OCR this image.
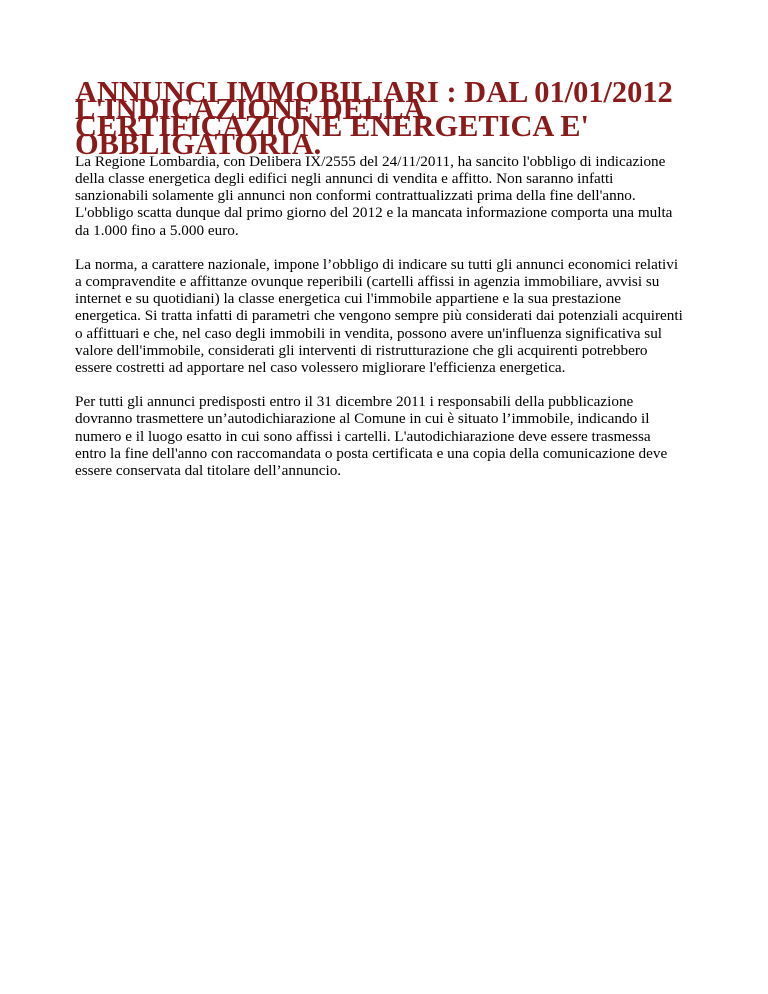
ANNUNCI IMMOBILIARI : DAL 01/01/2012 L'INDICAZIONE DELLA
CERTIFICAZIONE ENERGETICA E' OBBLIGATORIA.

La Regione Lombardia, con Delibera IX/2555 del 24/11/2011, ha sancito l'obbligo di indicazione
della classe energetica degli edifici negli annunci di vendita e affitto. Non saranno infatti
sanzionabili solamente gli annunci non conformi contrattualizzati prima della fine dell'anno.
L'obbligo scatta dunque dal primo giorno del 2012 e la mancata informazione comporta una multa
da 1.000 fino a 5.000 euro.

La norma, a carattere nazionale, impone l’obbligo di indicare su tutti gli annunci economici relativi
a compravendite e affittanze ovunque reperibili (cartelli affissi in agenzia immobiliare, avvisi su
internet e su quotidiani) la classe energetica cui l'immobile appartiene e la sua prestazione
energetica. Si tratta infatti di parametri che vengono sempre più considerati dai potenziali acquirenti
o affittuari e che, nel caso degli immobili in vendita, possono avere un'influenza significativa sul
valore dell'immobile, considerati gli interventi di ristrutturazione che gli acquirenti potrebbero
essere costretti ad apportare nel caso volessero migliorare l'efficienza energetica.

Per tutti gli annunci predisposti entro il 31 dicembre 2011 i responsabili della pubblicazione
dovranno trasmettere un’autodichiarazione al Comune in cui è situato l’immobile, indicando il
numero e il luogo esatto in cui sono affissi i cartelli. L'autodichiarazione deve essere trasmessa
entro la fine dell'anno con raccomandata o posta certificata e una copia della comunicazione deve
essere conservata dal titolare dell’annuncio.
